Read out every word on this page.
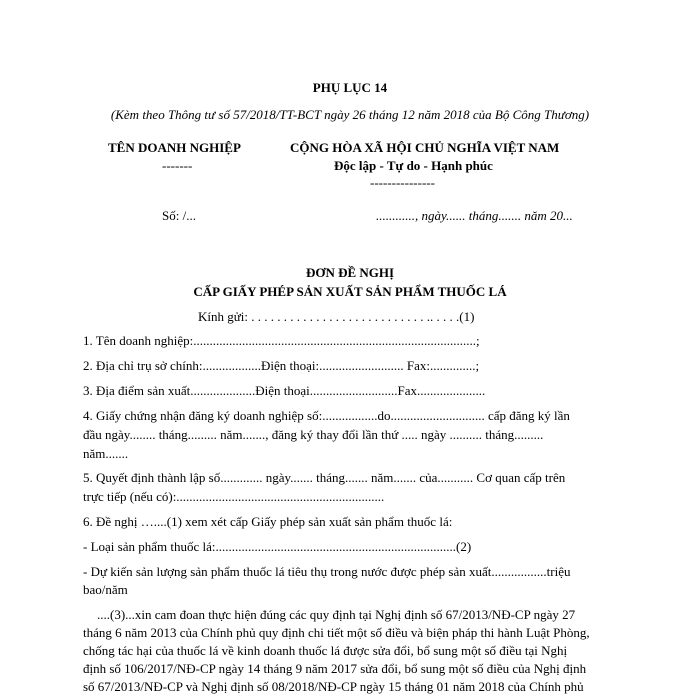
PHỤ LỤC 14
(Kèm theo Thông tư số 57/2018/TT-BCT ngày 26 tháng 12 năm 2018 của Bộ Công Thương)
TÊN DOANH NGHIỆP
-------
CỘNG HÒA XÃ HỘI CHỦ NGHĨA VIỆT NAM
Độc lập - Tự do - Hạnh phúc
---------------
Số: /...	............, ngày...... tháng....... năm 20...
ĐƠN ĐỀ NGHỊ
CẤP GIẤY PHÉP SẢN XUẤT SẢN PHẨM THUỐC LÁ
Kính gửi: . . . . . . . . . . . . . . . . . . . . . . . . . . . .. . . . .(1)
1. Tên doanh nghiệp:.......................................................................................;
2. Địa chỉ trụ sở chính:..................Điện thoại:.......................... Fax:..............;
3. Địa điểm sản xuất....................Điện thoại...........................Fax.....................
4. Giấy chứng nhận đăng ký doanh nghiệp số:.................do............................. cấp đăng ký lần
đầu ngày........ tháng......... năm......., đăng ký thay đổi lần thứ ..... ngày .......... tháng.........
năm.......
5. Quyết định thành lập số............. ngày....... tháng....... năm....... của........... Cơ quan cấp trên
trực tiếp (nếu có):................................................................
6. Đề nghị …....(1) xem xét cấp Giấy phép sản xuất sản phẩm thuốc lá:
- Loại sản phẩm thuốc lá:..........................................................................(2)
- Dự kiến sản lượng sản phẩm thuốc lá tiêu thụ trong nước được phép sản xuất.................triệu
bao/năm
....(3)...xin cam đoan thực hiện đúng các quy định tại Nghị định số 67/2013/NĐ-CP ngày 27
tháng 6 năm 2013 của Chính phủ quy định chi tiết một số điều và biện pháp thi hành Luật Phòng,
chống tác hại của thuốc lá về kinh doanh thuốc lá được sửa đổi, bổ sung một số điều tại Nghị
định số 106/2017/NĐ-CP ngày 14 tháng 9 năm 2017 sửa đổi, bổ sung một số điều của Nghị định
số 67/2013/NĐ-CP và Nghị định số 08/2018/NĐ-CP ngày 15 tháng 01 năm 2018 của Chính phủ
